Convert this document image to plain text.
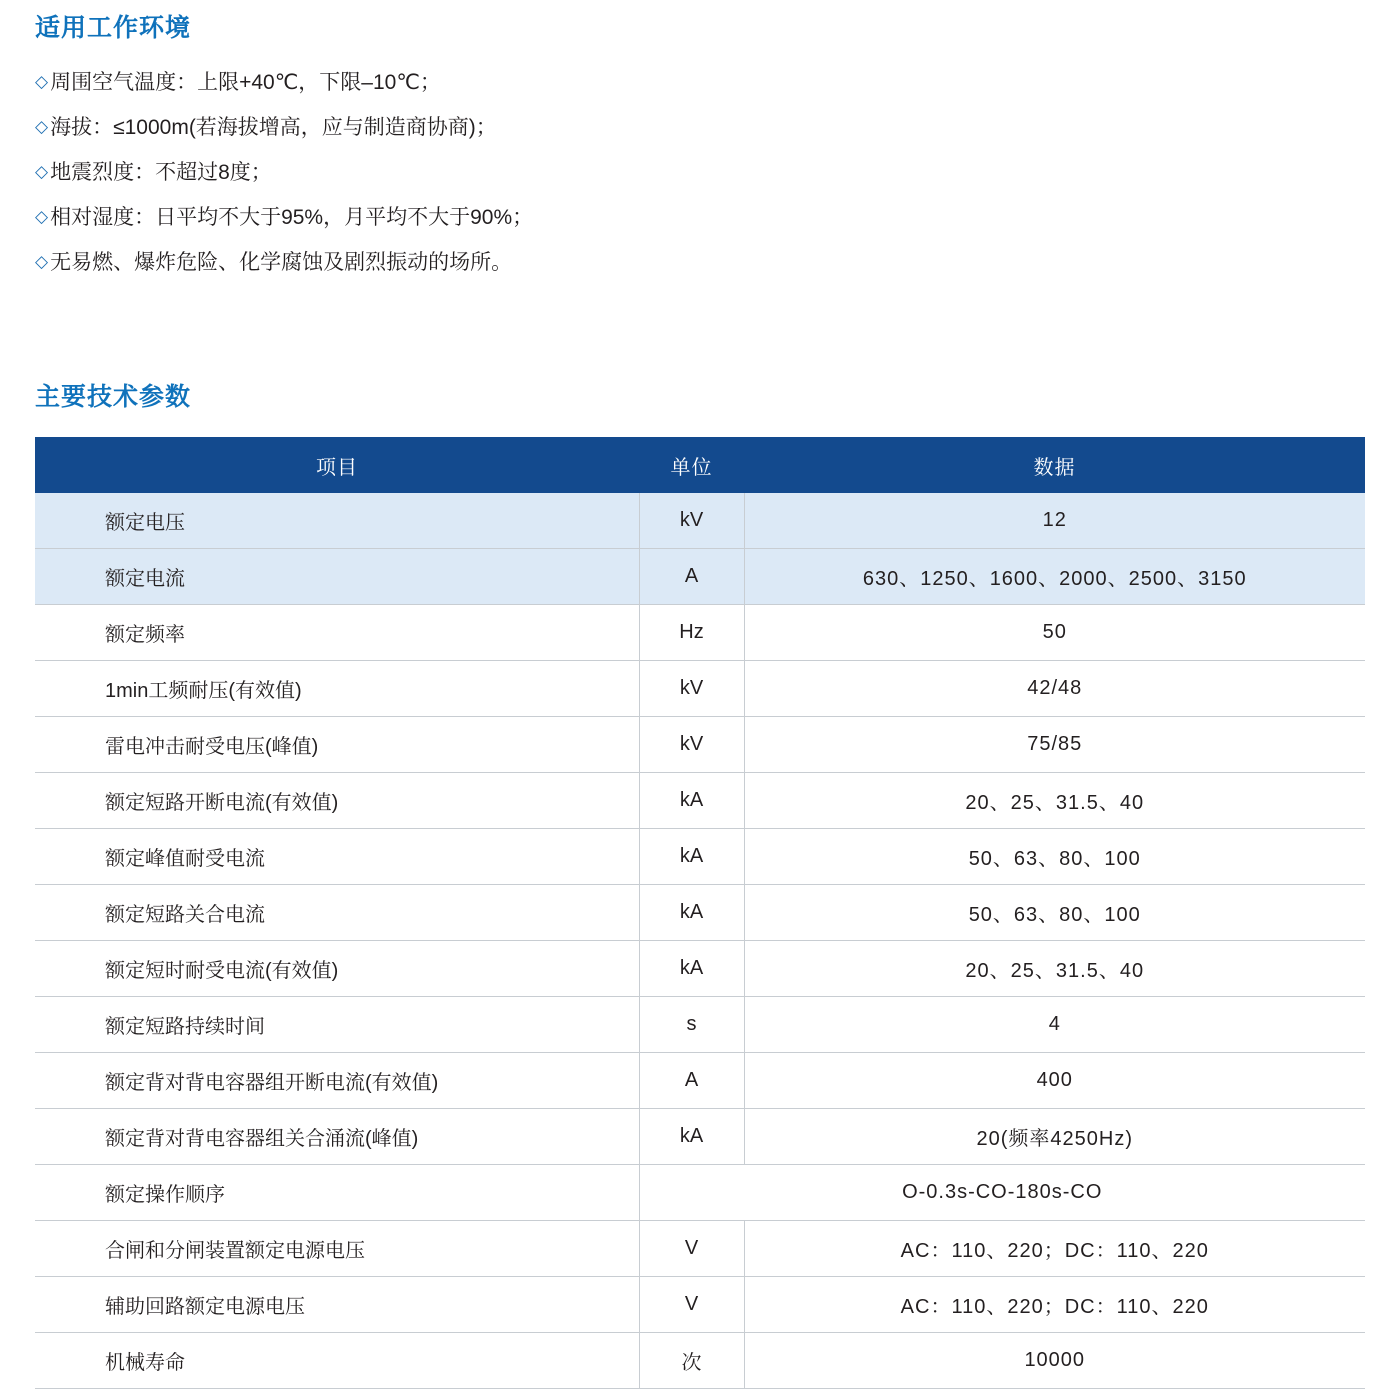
适用工作环境
◇周围空气温度：上限+40℃，下限–10℃；
◇海拔：≤1000m(若海拔增高，应与制造商协商)；
◇地震烈度：不超过8度；
◇相对湿度：日平均不大于95%，月平均不大于90%；
◇无易燃、爆炸危险、化学腐蚀及剧烈振动的场所。
主要技术参数
项目	单位	数据
额定电压	kV	12
额定电流	A	630、1250、1600、2000、2500、3150
额定频率	Hz	50
1min工频耐压(有效值)	kV	42/48
雷电冲击耐受电压(峰值)	kV	75/85
额定短路开断电流(有效值)	kA	20、25、31.5、40
额定峰值耐受电流	kA	50、63、80、100
额定短路关合电流	kA	50、63、80、100
额定短时耐受电流(有效值)	kA	20、25、31.5、40
额定短路持续时间	s	4
额定背对背电容器组开断电流(有效值)	A	400
额定背对背电容器组关合涌流(峰值)	kA	20(频率4250Hz)
额定操作顺序	O-0.3s-CO-180s-CO	
合闸和分闸装置额定电源电压	V	AC：110、220；DC：110、220
辅助回路额定电源电压	V	AC：110、220；DC：110、220
机械寿命	次	10000
